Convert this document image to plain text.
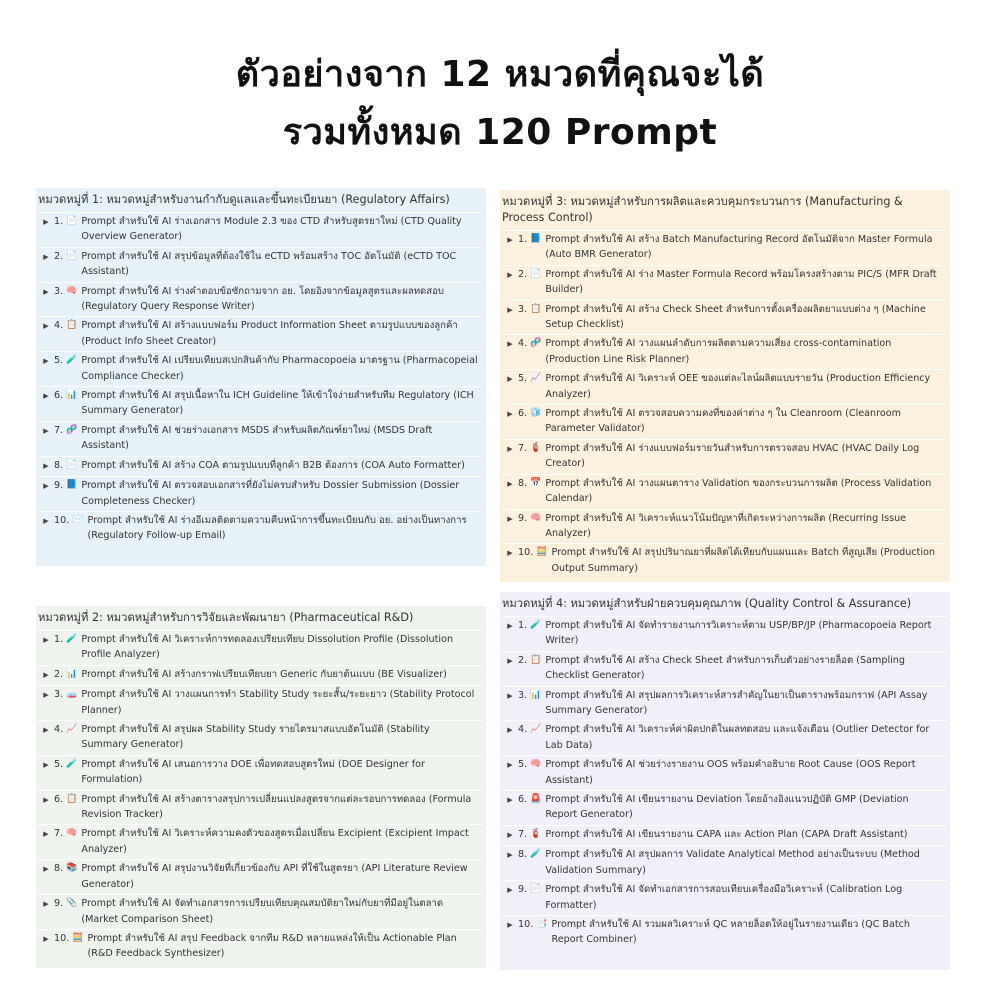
ตัวอย่างจาก 12 หมวดที่คุณจะได้
รวมทั้งหมด 120 Prompt
หมวดหมู่ที่ 1: หมวดหมู่สำหรับงานกำกับดูแลและขึ้นทะเบียนยา (Regulatory Affairs)
▶ 1. 📄 Prompt สำหรับใช้ AI ร่างเอกสาร Module 2.3 ของ CTD สำหรับสูตรยาใหม่ (CTD Quality Overview Generator)
▶ 2. 📄 Prompt สำหรับใช้ AI สรุปข้อมูลที่ต้องใช้ใน eCTD พร้อมสร้าง TOC อัตโนมัติ (eCTD TOC Assistant)
▶ 3. 🧠 Prompt สำหรับใช้ AI ร่างคำตอบข้อซักถามจาก อย. โดยอิงจากข้อมูลสูตรและผลทดสอบ (Regulatory Query Response Writer)
▶ 4. 📋 Prompt สำหรับใช้ AI สร้างแบบฟอร์ม Product Information Sheet ตามรูปแบบของลูกค้า (Product Info Sheet Creator)
▶ 5. 🧪 Prompt สำหรับใช้ AI เปรียบเทียบสเปกสินค้ากับ Pharmacopoeia มาตรฐาน (Pharmacopeial Compliance Checker)
▶ 6. 📊 Prompt สำหรับใช้ AI สรุปเนื้อหาใน ICH Guideline ให้เข้าใจง่ายสำหรับทีม Regulatory (ICH Summary Generator)
▶ 7. 🧬 Prompt สำหรับใช้ AI ช่วยร่างเอกสาร MSDS สำหรับผลิตภัณฑ์ยาใหม่ (MSDS Draft Assistant)
▶ 8. 📄 Prompt สำหรับใช้ AI สร้าง COA ตามรูปแบบที่ลูกค้า B2B ต้องการ (COA Auto Formatter)
▶ 9. 📘 Prompt สำหรับใช้ AI ตรวจสอบเอกสารที่ยังไม่ครบสำหรับ Dossier Submission (Dossier Completeness Checker)
▶ 10. ✉️ Prompt สำหรับใช้ AI ร่างอีเมลติดตามความคืบหน้าการขึ้นทะเบียนกับ อย. อย่างเป็นทางการ (Regulatory Follow-up Email)
หมวดหมู่ที่ 3: หมวดหมู่สำหรับการผลิตและควบคุมกระบวนการ (Manufacturing & Process Control)
▶ 1. 📘 Prompt สำหรับใช้ AI สร้าง Batch Manufacturing Record อัตโนมัติจาก Master Formula (Auto BMR Generator)
▶ 2. 📄 Prompt สำหรับใช้ AI ร่าง Master Formula Record พร้อมโครงสร้างตาม PIC/S (MFR Draft Builder)
▶ 3. 📋 Prompt สำหรับใช้ AI สร้าง Check Sheet สำหรับการตั้งเครื่องผลิตยาแบบต่าง ๆ (Machine Setup Checklist)
▶ 4. 🧬 Prompt สำหรับใช้ AI วางแผนลำดับการผลิตตามความเสี่ยง cross-contamination (Production Line Risk Planner)
▶ 5. 📈 Prompt สำหรับใช้ AI วิเคราะห์ OEE ของแต่ละไลน์ผลิตแบบรายวัน (Production Efficiency Analyzer)
▶ 6. 🧊 Prompt สำหรับใช้ AI ตรวจสอบความคงที่ของค่าต่าง ๆ ใน Cleanroom (Cleanroom Parameter Validator)
▶ 7. 🧯 Prompt สำหรับใช้ AI ร่างแบบฟอร์มรายวันสำหรับการตรวจสอบ HVAC (HVAC Daily Log Creator)
▶ 8. 📅 Prompt สำหรับใช้ AI วางแผนตาราง Validation ของกระบวนการผลิต (Process Validation Calendar)
▶ 9. 🧠 Prompt สำหรับใช้ AI วิเคราะห์แนวโน้มปัญหาที่เกิดระหว่างการผลิต (Recurring Issue Analyzer)
▶ 10. 🧮 Prompt สำหรับใช้ AI สรุปปริมาณยาที่ผลิตได้เทียบกับแผนและ Batch ที่สูญเสีย (Production Output Summary)
หมวดหมู่ที่ 2: หมวดหมู่สำหรับการวิจัยและพัฒนายา (Pharmaceutical R&D)
▶ 1. 🧪 Prompt สำหรับใช้ AI วิเคราะห์การทดลองเปรียบเทียบ Dissolution Profile (Dissolution Profile Analyzer)
▶ 2. 📊 Prompt สำหรับใช้ AI สร้างกราฟเปรียบเทียบยา Generic กับยาต้นแบบ (BE Visualizer)
▶ 3. 🧫 Prompt สำหรับใช้ AI วางแผนการทำ Stability Study ระยะสั้น/ระยะยาว (Stability Protocol Planner)
▶ 4. 📈 Prompt สำหรับใช้ AI สรุปผล Stability Study รายไตรมาสแบบอัตโนมัติ (Stability Summary Generator)
▶ 5. 🧪 Prompt สำหรับใช้ AI เสนอการวาง DOE เพื่อทดสอบสูตรใหม่ (DOE Designer for Formulation)
▶ 6. 📋 Prompt สำหรับใช้ AI สร้างตารางสรุปการเปลี่ยนแปลงสูตรจากแต่ละรอบการทดลอง (Formula Revision Tracker)
▶ 7. 🧠 Prompt สำหรับใช้ AI วิเคราะห์ความคงตัวของสูตรเมื่อเปลี่ยน Excipient (Excipient Impact Analyzer)
▶ 8. 📚 Prompt สำหรับใช้ AI สรุปงานวิจัยที่เกี่ยวข้องกับ API ที่ใช้ในสูตรยา (API Literature Review Generator)
▶ 9. 📎 Prompt สำหรับใช้ AI จัดทำเอกสารการเปรียบเทียบคุณสมบัติยาใหม่กับยาที่มีอยู่ในตลาด (Market Comparison Sheet)
▶ 10. 🧮 Prompt สำหรับใช้ AI สรุป Feedback จากทีม R&D หลายแหล่งให้เป็น Actionable Plan (R&D Feedback Synthesizer)
หมวดหมู่ที่ 4: หมวดหมู่สำหรับฝ่ายควบคุมคุณภาพ (Quality Control & Assurance)
▶ 1. 🧪 Prompt สำหรับใช้ AI จัดทำรายงานการวิเคราะห์ตาม USP/BP/JP (Pharmacopoeia Report Writer)
▶ 2. 📋 Prompt สำหรับใช้ AI สร้าง Check Sheet สำหรับการเก็บตัวอย่างรายล็อต (Sampling Checklist Generator)
▶ 3. 📊 Prompt สำหรับใช้ AI สรุปผลการวิเคราะห์สารสำคัญในยาเป็นตารางพร้อมกราฟ (API Assay Summary Generator)
▶ 4. 📈 Prompt สำหรับใช้ AI วิเคราะห์ค่าผิดปกติในผลทดสอบ และแจ้งเตือน (Outlier Detector for Lab Data)
▶ 5. 🧠 Prompt สำหรับใช้ AI ช่วยร่างรายงาน OOS พร้อมคำอธิบาย Root Cause (OOS Report Assistant)
▶ 6. 🚨 Prompt สำหรับใช้ AI เขียนรายงาน Deviation โดยอ้างอิงแนวปฏิบัติ GMP (Deviation Report Generator)
▶ 7. 🧯 Prompt สำหรับใช้ AI เขียนรายงาน CAPA และ Action Plan (CAPA Draft Assistant)
▶ 8. 🧪 Prompt สำหรับใช้ AI สรุปผลการ Validate Analytical Method อย่างเป็นระบบ (Method Validation Summary)
▶ 9. 📄 Prompt สำหรับใช้ AI จัดทำเอกสารการสอบเทียบเครื่องมือวิเคราะห์ (Calibration Log Formatter)
▶ 10. 📑 Prompt สำหรับใช้ AI รวมผลวิเคราะห์ QC หลายล็อตให้อยู่ในรายงานเดียว (QC Batch Report Combiner)
